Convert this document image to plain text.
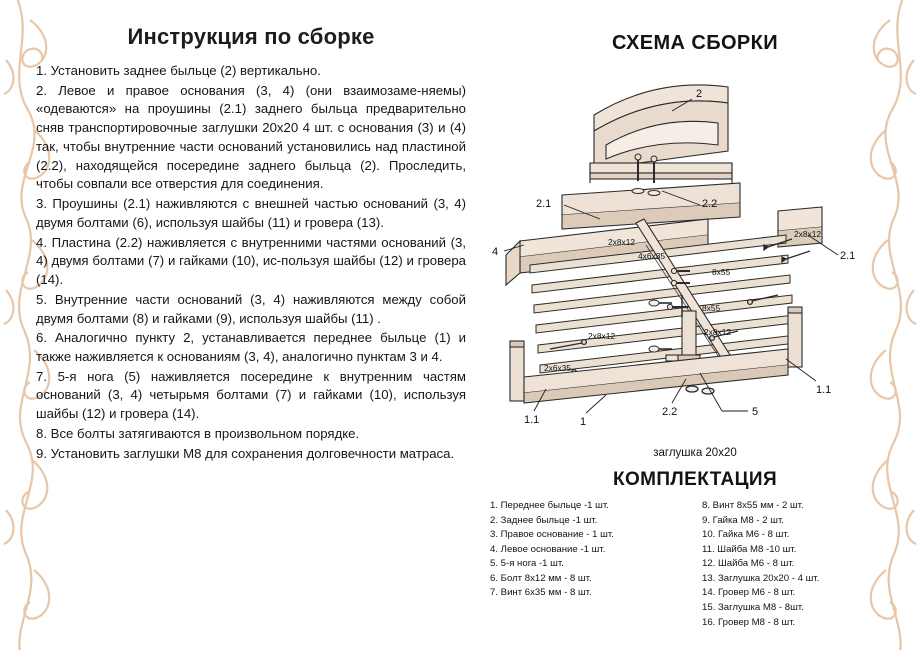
Инструкция по сборке

1. Установить заднее быльце (2) вертикально.

2. Левое и правое основания (3, 4) (они взаимозаме-няемы) «одеваются» на проушины (2.1) заднего быльца предварительно сняв транспортировочные заглушки 20x20 4 шт. с основания (3) и (4) так, чтобы внутренние части оснований установились над пластиной (2.2), находящейся посередине заднего быльца (2). Проследить, чтобы совпали все отверстия для соединения.

3. Проушины (2.1) наживляются с внешней частью оснований (3, 4) двумя болтами (6), используя шайбы (11) и гровера (13).

4. Пластина (2.2) наживляется с внутренними частями оснований (3, 4) двумя болтами (7) и гайками (10), ис-пользуя шайбы (12) и гровера (14).

5. Внутренние части оснований (3, 4) наживляются между собой двумя болтами (8) и гайками (9), используя шайбы (11) .

6. Аналогично пункту 2, устанавливается переднее быльце (1) и также наживляется к основаниям (3, 4), аналогично пунктам 3 и 4.

7. 5-я нога (5) наживляется посередине к внутренним частям оснований (3, 4) четырьмя болтами (7) и гайками (10), используя шайбы (12) и гровера (14).

8. Все болты затягиваются в произвольном порядке.

9. Установить заглушки М8 для сохранения долговечности матраса.

СХЕМА СБОРКИ
2
2.1	2.2
2.1
4
1.1
1.1
1
2.2	5
2x8x12
2x8x12
4x6x35
8x55
8x55
2x8x12	2x8x12
2x6x35
заглушка 20x20
КОМПЛЕКТАЦИЯ
1. Переднее быльце -1 шт.
2. Заднее быльце -1 шт.
3. Правое основание - 1 шт.
4. Левое основание -1 шт.
5. 5-я нога -1 шт.
6. Болт 8х12 мм - 8 шт.
7. Винт 6х35 мм - 8 шт.
8. Винт 8х55 мм - 2 шт.
9. Гайка М8 - 2 шт.
10. Гайка М6 - 8 шт.
11. Шайба М8 -10 шт.
12. Шайба М6 - 8 шт.
13. Заглушка 20х20 - 4 шт.
14. Гровер М6 - 8 шт.
15. Заглушка М8 - 8шт.
16. Гровер М8 - 8 шт.
